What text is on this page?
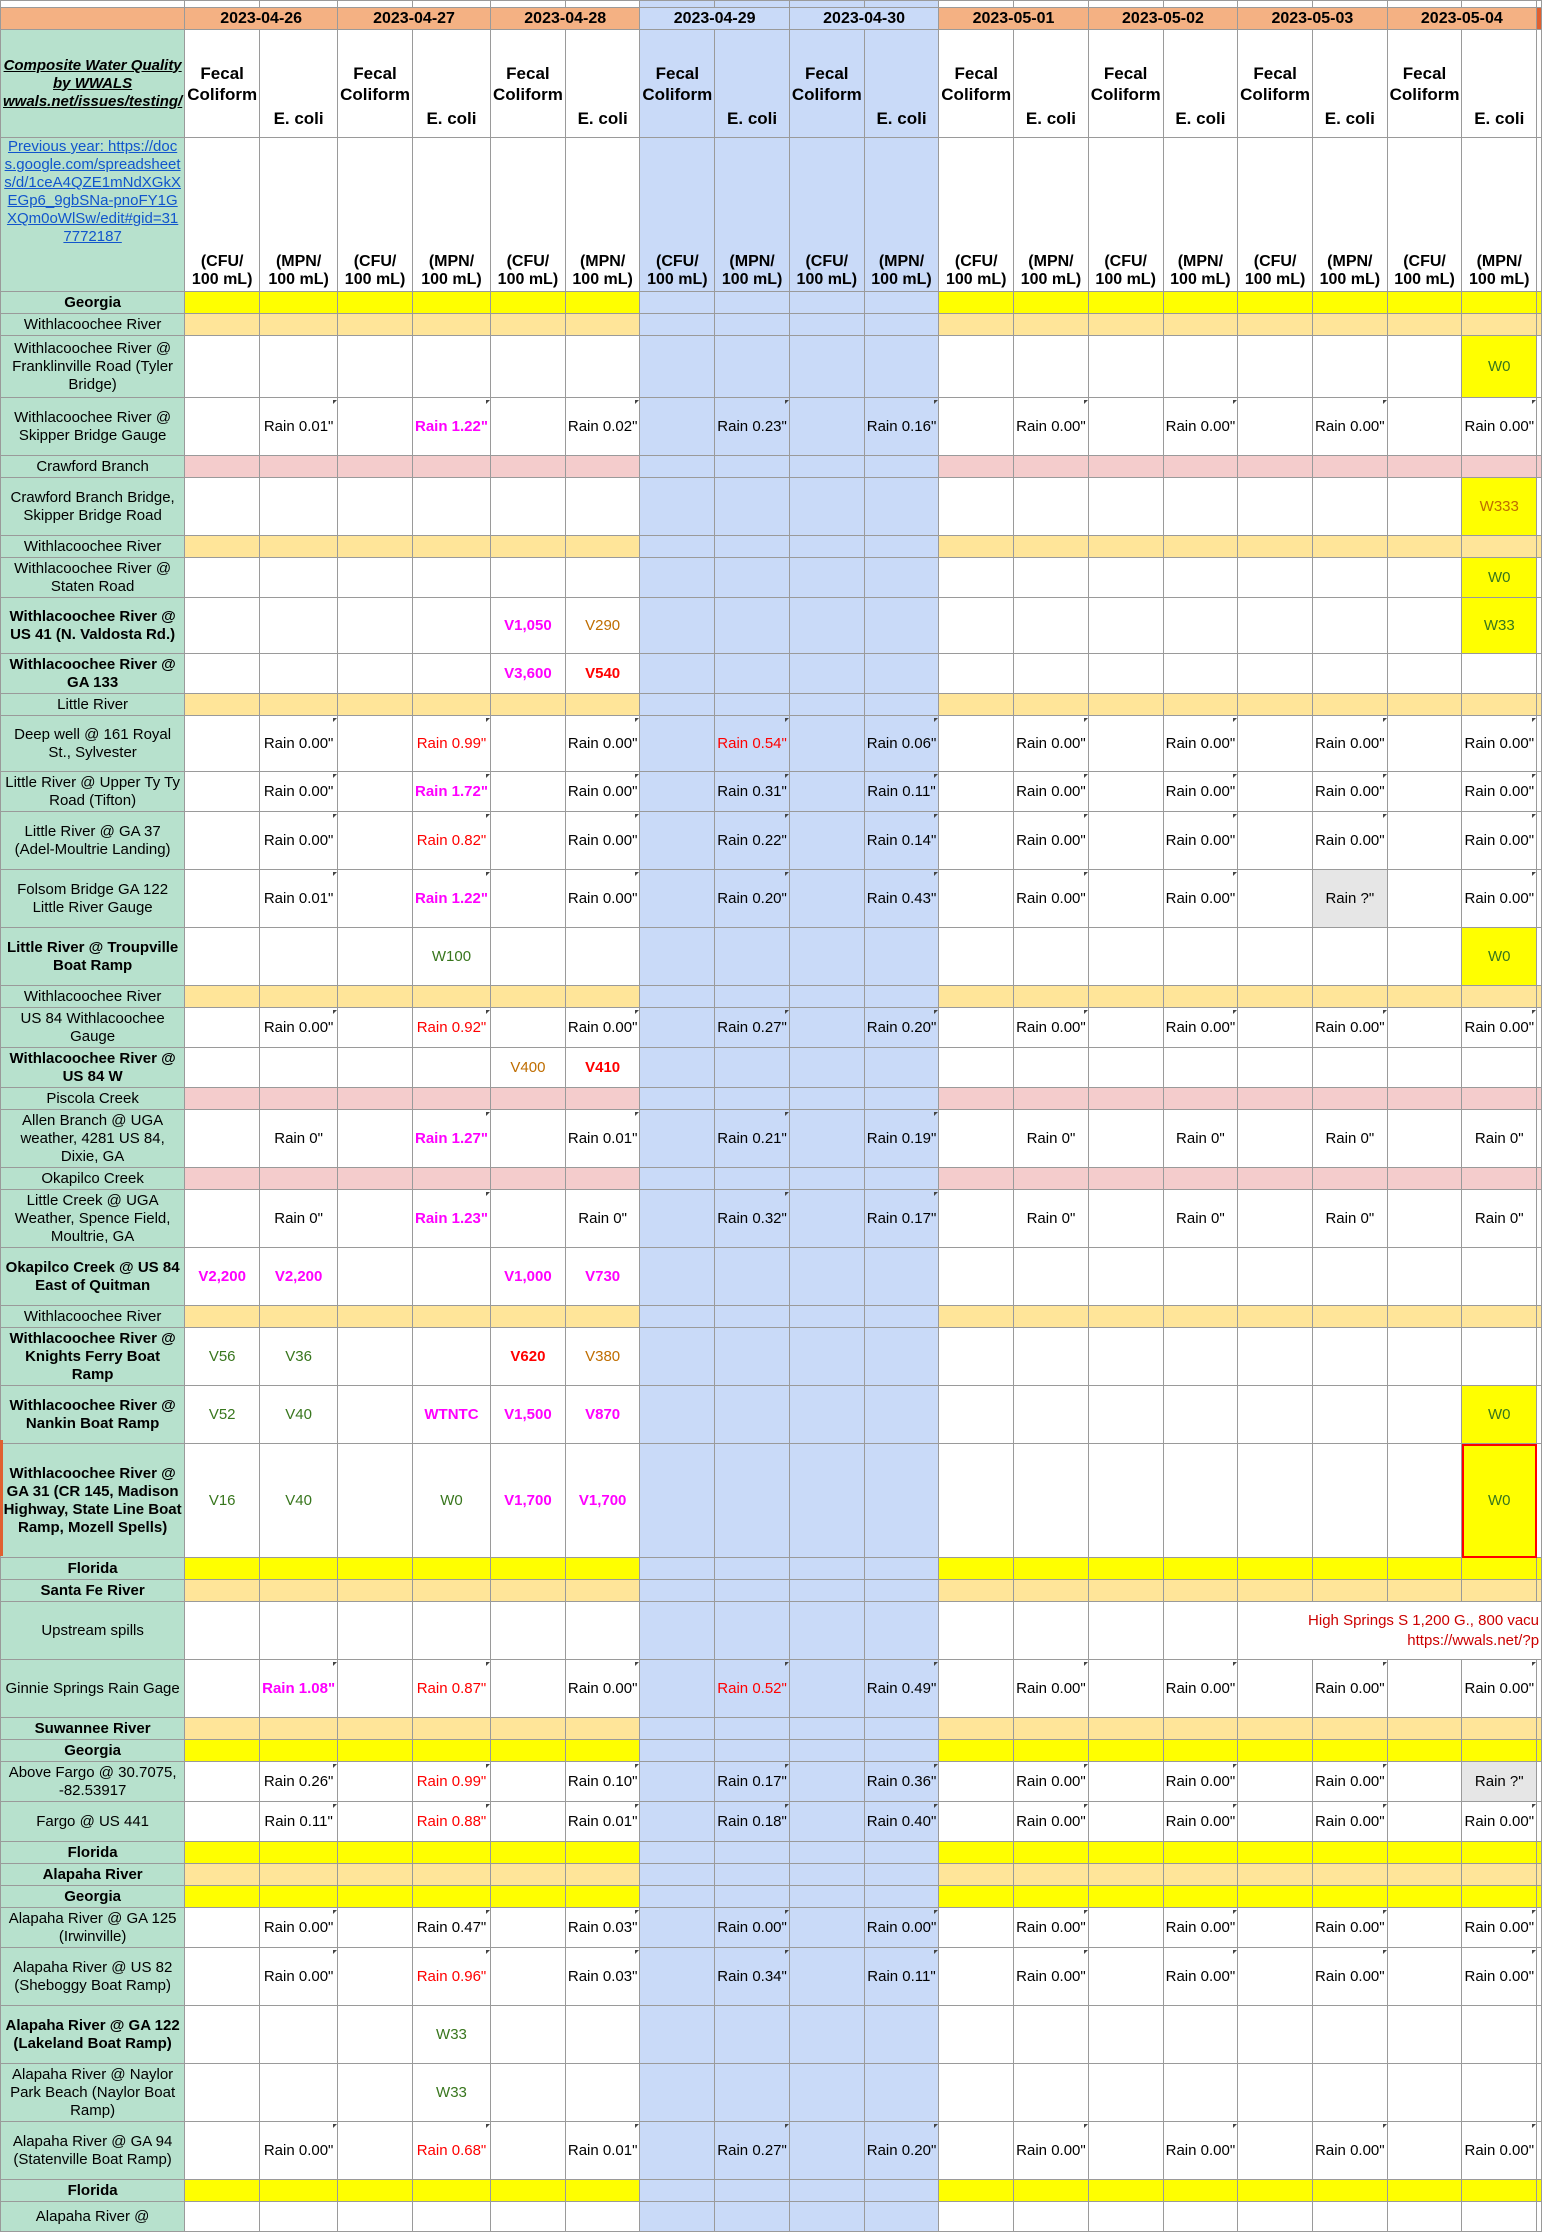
	2023-04-26		2023-04-27		2023-04-28		2023-04-29		2023-04-30		2023-05-01		2023-05-02		2023-05-03		2023-05-04		
Composite Water Quality by WWALS wwals.net/issues/testing/	Fecal Coliform	E. coli	Fecal Coliform	E. coli	Fecal Coliform	E. coli	Fecal Coliform	E. coli	Fecal Coliform	E. coli	Fecal Coliform	E. coli	Fecal Coliform	E. coli	Fecal Coliform	E. coli	Fecal Coliform	E. coli	
Previous year: https://docs.google.com/spreadsheets/d/1ceA4QZE1mNdXGkXEGp6_9gbSNa-pnoFY1GXQm0oWlSw/edit#gid=317772187	(CFU/ 100 mL)	(MPN/ 100 mL)	(CFU/ 100 mL)	(MPN/ 100 mL)	(CFU/ 100 mL)	(MPN/ 100 mL)	(CFU/ 100 mL)	(MPN/ 100 mL)	(CFU/ 100 mL)	(MPN/ 100 mL)	(CFU/ 100 mL)	(MPN/ 100 mL)	(CFU/ 100 mL)	(MPN/ 100 mL)	(CFU/ 100 mL)	(MPN/ 100 mL)	(CFU/ 100 mL)	(MPN/ 100 mL)	
Georgia																			
Withlacoochee River																			
Withlacoochee River @ Franklinville Road (Tyler Bridge)																		W0	
Withlacoochee River @ Skipper Bridge Gauge		Rain 0.01"		Rain 1.22"		Rain 0.02"		Rain 0.23"		Rain 0.16"		Rain 0.00"		Rain 0.00"		Rain 0.00"		Rain 0.00"	
Crawford Branch																			
Crawford Branch Bridge, Skipper Bridge Road																		W333	
Withlacoochee River																			
Withlacoochee River @ Staten Road																		W0	
Withlacoochee River @ US 41 (N. Valdosta Rd.)					V1,050	V290												W33	
Withlacoochee River @ GA 133					V3,600	V540													
Little River																			
Deep well @ 161 Royal St., Sylvester		Rain 0.00"		Rain 0.99"		Rain 0.00"		Rain 0.54"		Rain 0.06"		Rain 0.00"		Rain 0.00"		Rain 0.00"		Rain 0.00"	
Little River @ Upper Ty Ty Road (Tifton)		Rain 0.00"		Rain 1.72"		Rain 0.00"		Rain 0.31"		Rain 0.11"		Rain 0.00"		Rain 0.00"		Rain 0.00"		Rain 0.00"	
Little River @ GA 37 (Adel-Moultrie Landing)		Rain 0.00"		Rain 0.82"		Rain 0.00"		Rain 0.22"		Rain 0.14"		Rain 0.00"		Rain 0.00"		Rain 0.00"		Rain 0.00"	
Folsom Bridge GA 122 Little River Gauge		Rain 0.01"		Rain 1.22"		Rain 0.00"		Rain 0.20"		Rain 0.43"		Rain 0.00"		Rain 0.00"		Rain ?"		Rain 0.00"	
Little River @ Troupville Boat Ramp				W100														W0	
Withlacoochee River																			
US 84 Withlacoochee Gauge		Rain 0.00"		Rain 0.92"		Rain 0.00"		Rain 0.27"		Rain 0.20"		Rain 0.00"		Rain 0.00"		Rain 0.00"		Rain 0.00"	
Withlacoochee River @ US 84 W					V400	V410													
Piscola Creek																			
Allen Branch @ UGA weather, 4281 US 84, Dixie, GA		Rain 0"		Rain 1.27"		Rain 0.01"		Rain 0.21"		Rain 0.19"		Rain 0"		Rain 0"		Rain 0"		Rain 0"	
Okapilco Creek																			
Little Creek @ UGA Weather, Spence Field, Moultrie, GA		Rain 0"		Rain 1.23"		Rain 0"		Rain 0.32"		Rain 0.17"		Rain 0"		Rain 0"		Rain 0"		Rain 0"	
Okapilco Creek @ US 84 East of Quitman	V2,200	V2,200			V1,000	V730													
Withlacoochee River																			
Withlacoochee River @ Knights Ferry Boat Ramp	V56	V36			V620	V380													
Withlacoochee River @ Nankin Boat Ramp	V52	V40		WTNTC	V1,500	V870												W0	
Withlacoochee River @ GA 31 (CR 145, Madison Highway, State Line Boat Ramp, Mozell Spells)	V16	V40		W0	V1,700	V1,700												W0	
Florida																			
Santa Fe River																			
Upstream spills															High Springs S 1,200 G., 800 vacu https://wwals.net/?p				
Ginnie Springs Rain Gage		Rain 1.08"		Rain 0.87"		Rain 0.00"		Rain 0.52"		Rain 0.49"		Rain 0.00"		Rain 0.00"		Rain 0.00"		Rain 0.00"	
Suwannee River																			
Georgia																			
Above Fargo @ 30.7075, -82.53917		Rain 0.26"		Rain 0.99"		Rain 0.10"		Rain 0.17"		Rain 0.36"		Rain 0.00"		Rain 0.00"		Rain 0.00"		Rain ?"	
Fargo @ US 441		Rain 0.11"		Rain 0.88"		Rain 0.01"		Rain 0.18"		Rain 0.40"		Rain 0.00"		Rain 0.00"		Rain 0.00"		Rain 0.00"	
Florida																			
Alapaha River																			
Georgia																			
Alapaha River @ GA 125 (Irwinville)		Rain 0.00"		Rain 0.47"		Rain 0.03"		Rain 0.00"		Rain 0.00"		Rain 0.00"		Rain 0.00"		Rain 0.00"		Rain 0.00"	
Alapaha River @ US 82 (Sheboggy Boat Ramp)		Rain 0.00"		Rain 0.96"		Rain 0.03"		Rain 0.34"		Rain 0.11"		Rain 0.00"		Rain 0.00"		Rain 0.00"		Rain 0.00"	
Alapaha River @ GA 122 (Lakeland Boat Ramp)				W33															
Alapaha River @ Naylor Park Beach (Naylor Boat Ramp)				W33															
Alapaha River @ GA 94 (Statenville Boat Ramp)		Rain 0.00"		Rain 0.68"		Rain 0.01"		Rain 0.27"		Rain 0.20"		Rain 0.00"		Rain 0.00"		Rain 0.00"		Rain 0.00"	
Florida																			
Alapaha River @																			
